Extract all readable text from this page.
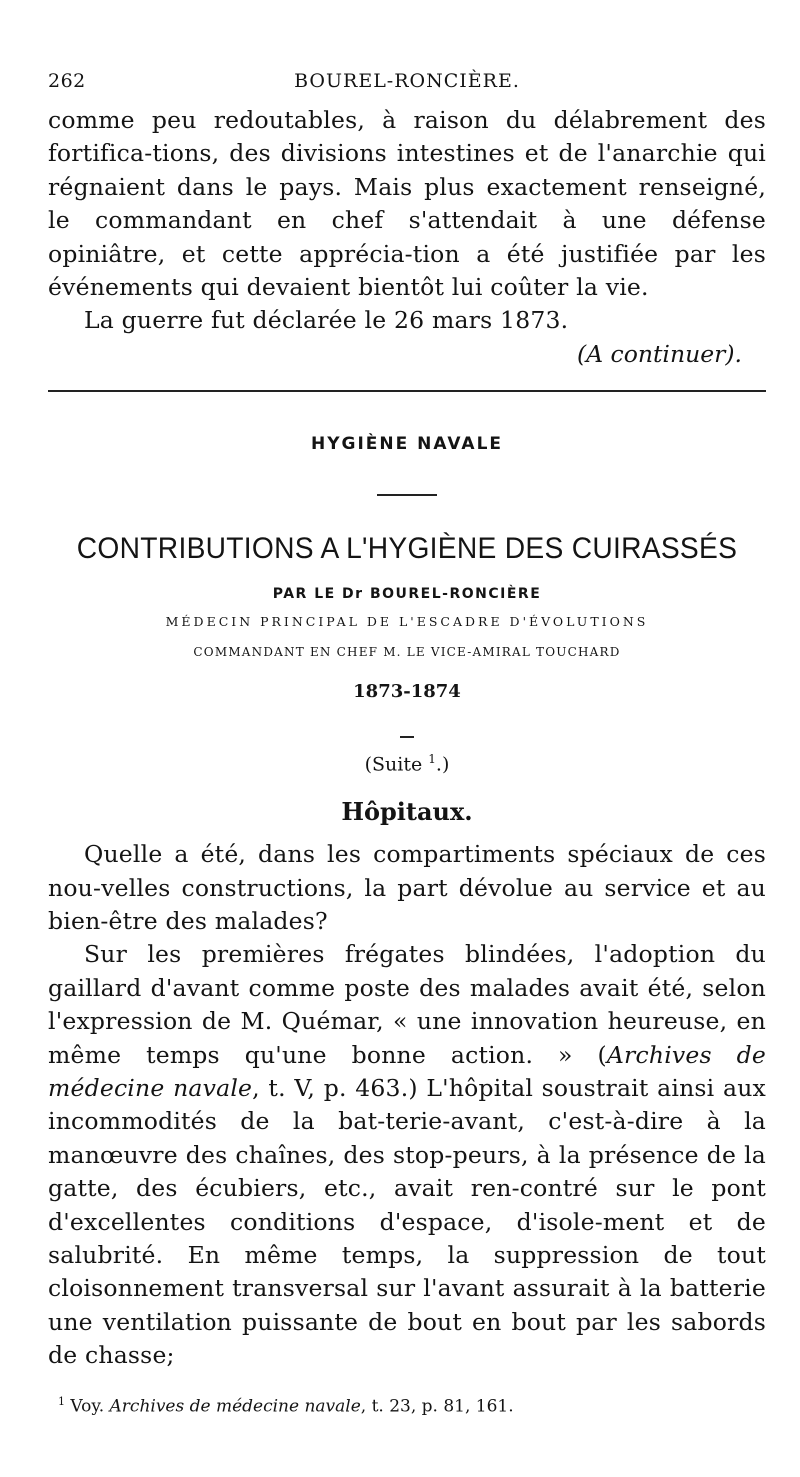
262	BOUREL-RONCIÈRE.

comme peu redoutables, à raison du délabrement des fortifica-tions, des divisions intestines et de l'anarchie qui régnaient dans le pays. Mais plus exactement renseigné, le commandant en chef s'attendait à une défense opiniâtre, et cette apprécia-tion a été justifiée par les événements qui devaient bientôt lui coûter la vie.

La guerre fut déclarée le 26 mars 1873.

(A continuer).
HYGIÈNE NAVALE
CONTRIBUTIONS A L'HYGIÈNE DES CUIRASSÉS
PAR LE Dr BOUREL-RONCIÈRE
MÉDECIN PRINCIPAL DE L'ESCADRE D'ÉVOLUTIONS
COMMANDANT EN CHEF M. LE VICE-AMIRAL TOUCHARD
1873-1874
(Suite $^1$.)
Hôpitaux.

Quelle a été, dans les compartiments spéciaux de ces nou-velles constructions, la part dévolue au service et au bien-être des malades?

Sur les premières frégates blindées, l'adoption du gaillard d'avant comme poste des malades avait été, selon l'expression de M. Quémar, « une innovation heureuse, en même temps qu'une bonne action. » (Archives de médecine navale, t. V, p. 463.) L'hôpital soustrait ainsi aux incommodités de la bat-terie-avant, c'est-à-dire à la manœuvre des chaînes, des stop-peurs, à la présence de la gatte, des écubiers, etc., avait ren-contré sur le pont d'excellentes conditions d'espace, d'isole-ment et de salubrité. En même temps, la suppression de tout cloisonnement transversal sur l'avant assurait à la batterie une ventilation puissante de bout en bout par les sabords de chasse;

$^1$ Voy. Archives de médecine navale, t. 23, p. 81, 161.
